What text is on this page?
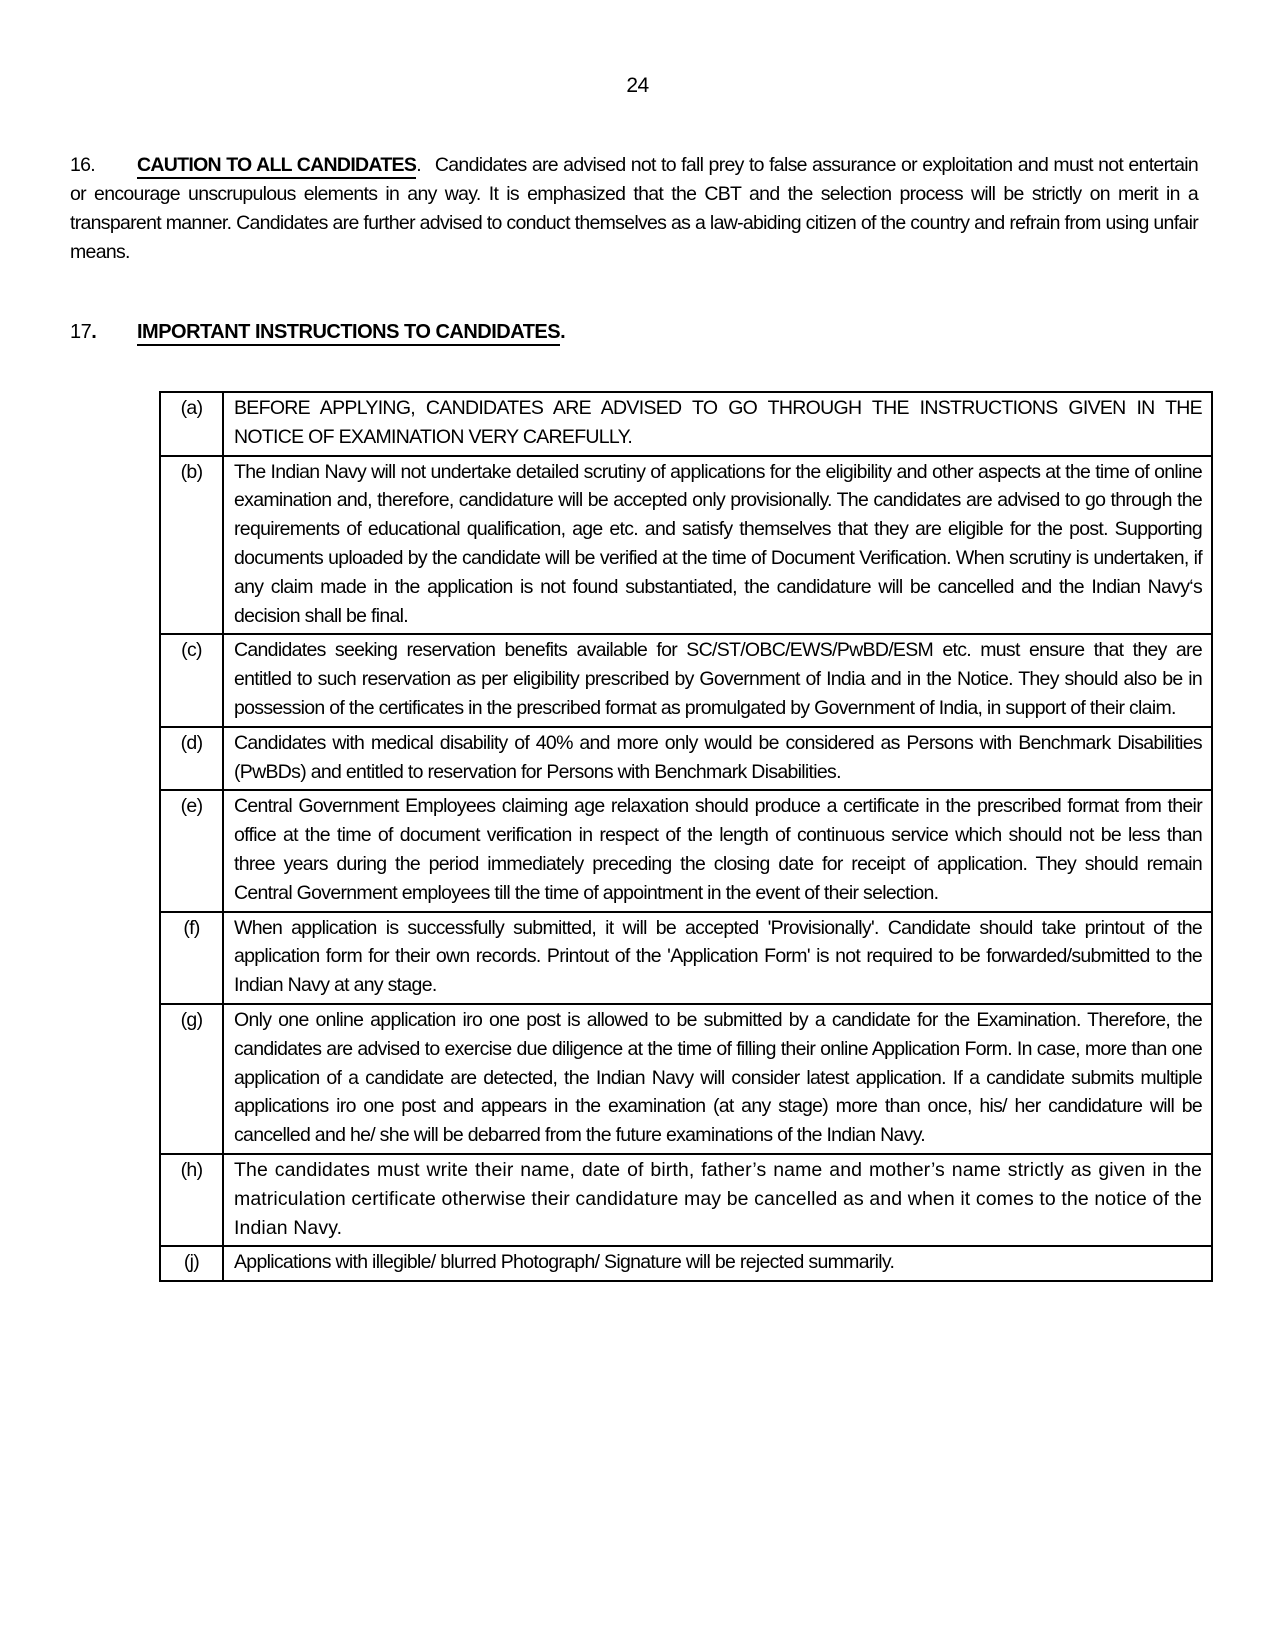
24

16. CAUTION TO ALL CANDIDATES. Candidates are advised not to fall prey to false assurance or exploitation and must not entertain or encourage unscrupulous elements in any way. It is emphasized that the CBT and the selection process will be strictly on merit in a transparent manner. Candidates are further advised to conduct themselves as a law-abiding citizen of the country and refrain from using unfair means.

17. IMPORTANT INSTRUCTIONS TO CANDIDATES.

(a)	BEFORE APPLYING, CANDIDATES ARE ADVISED TO GO THROUGH THE INSTRUCTIONS GIVEN IN THE NOTICE OF EXAMINATION VERY CAREFULLY.
(b)	The Indian Navy will not undertake detailed scrutiny of applications for the eligibility and other aspects at the time of online examination and, therefore, candidature will be accepted only provisionally. The candidates are advised to go through the requirements of educational qualification, age etc. and satisfy themselves that they are eligible for the post. Supporting documents uploaded by the candidate will be verified at the time of Document Verification. When scrutiny is undertaken, if any claim made in the application is not found substantiated, the candidature will be cancelled and the Indian Navy‘s decision shall be final.
(c)	Candidates seeking reservation benefits available for SC/ST/OBC/EWS/PwBD/ESM etc. must ensure that they are entitled to such reservation as per eligibility prescribed by Government of India and in the Notice. They should also be in possession of the certificates in the prescribed format as promulgated by Government of India, in support of their claim.
(d)	Candidates with medical disability of 40% and more only would be considered as Persons with Benchmark Disabilities (PwBDs) and entitled to reservation for Persons with Benchmark Disabilities.
(e)	Central Government Employees claiming age relaxation should produce a certificate in the prescribed format from their office at the time of document verification in respect of the length of continuous service which should not be less than three years during the period immediately preceding the closing date for receipt of application. They should remain Central Government employees till the time of appointment in the event of their selection.
(f)	When application is successfully submitted, it will be accepted 'Provisionally'. Candidate should take printout of the application form for their own records. Printout of the 'Application Form' is not required to be forwarded/submitted to the Indian Navy at any stage.
(g)	Only one online application iro one post is allowed to be submitted by a candidate for the Examination. Therefore, the candidates are advised to exercise due diligence at the time of filling their online Application Form. In case, more than one application of a candidate are detected, the Indian Navy will consider latest application. If a candidate submits multiple applications iro one post and appears in the examination (at any stage) more than once, his/ her candidature will be cancelled and he/ she will be debarred from the future examinations of the Indian Navy.
(h)	The candidates must write their name, date of birth, father’s name and mother’s name strictly as given in the matriculation certificate otherwise their candidature may be cancelled as and when it comes to the notice of the Indian Navy.
(j)	Applications with illegible/ blurred Photograph/ Signature will be rejected summarily.
